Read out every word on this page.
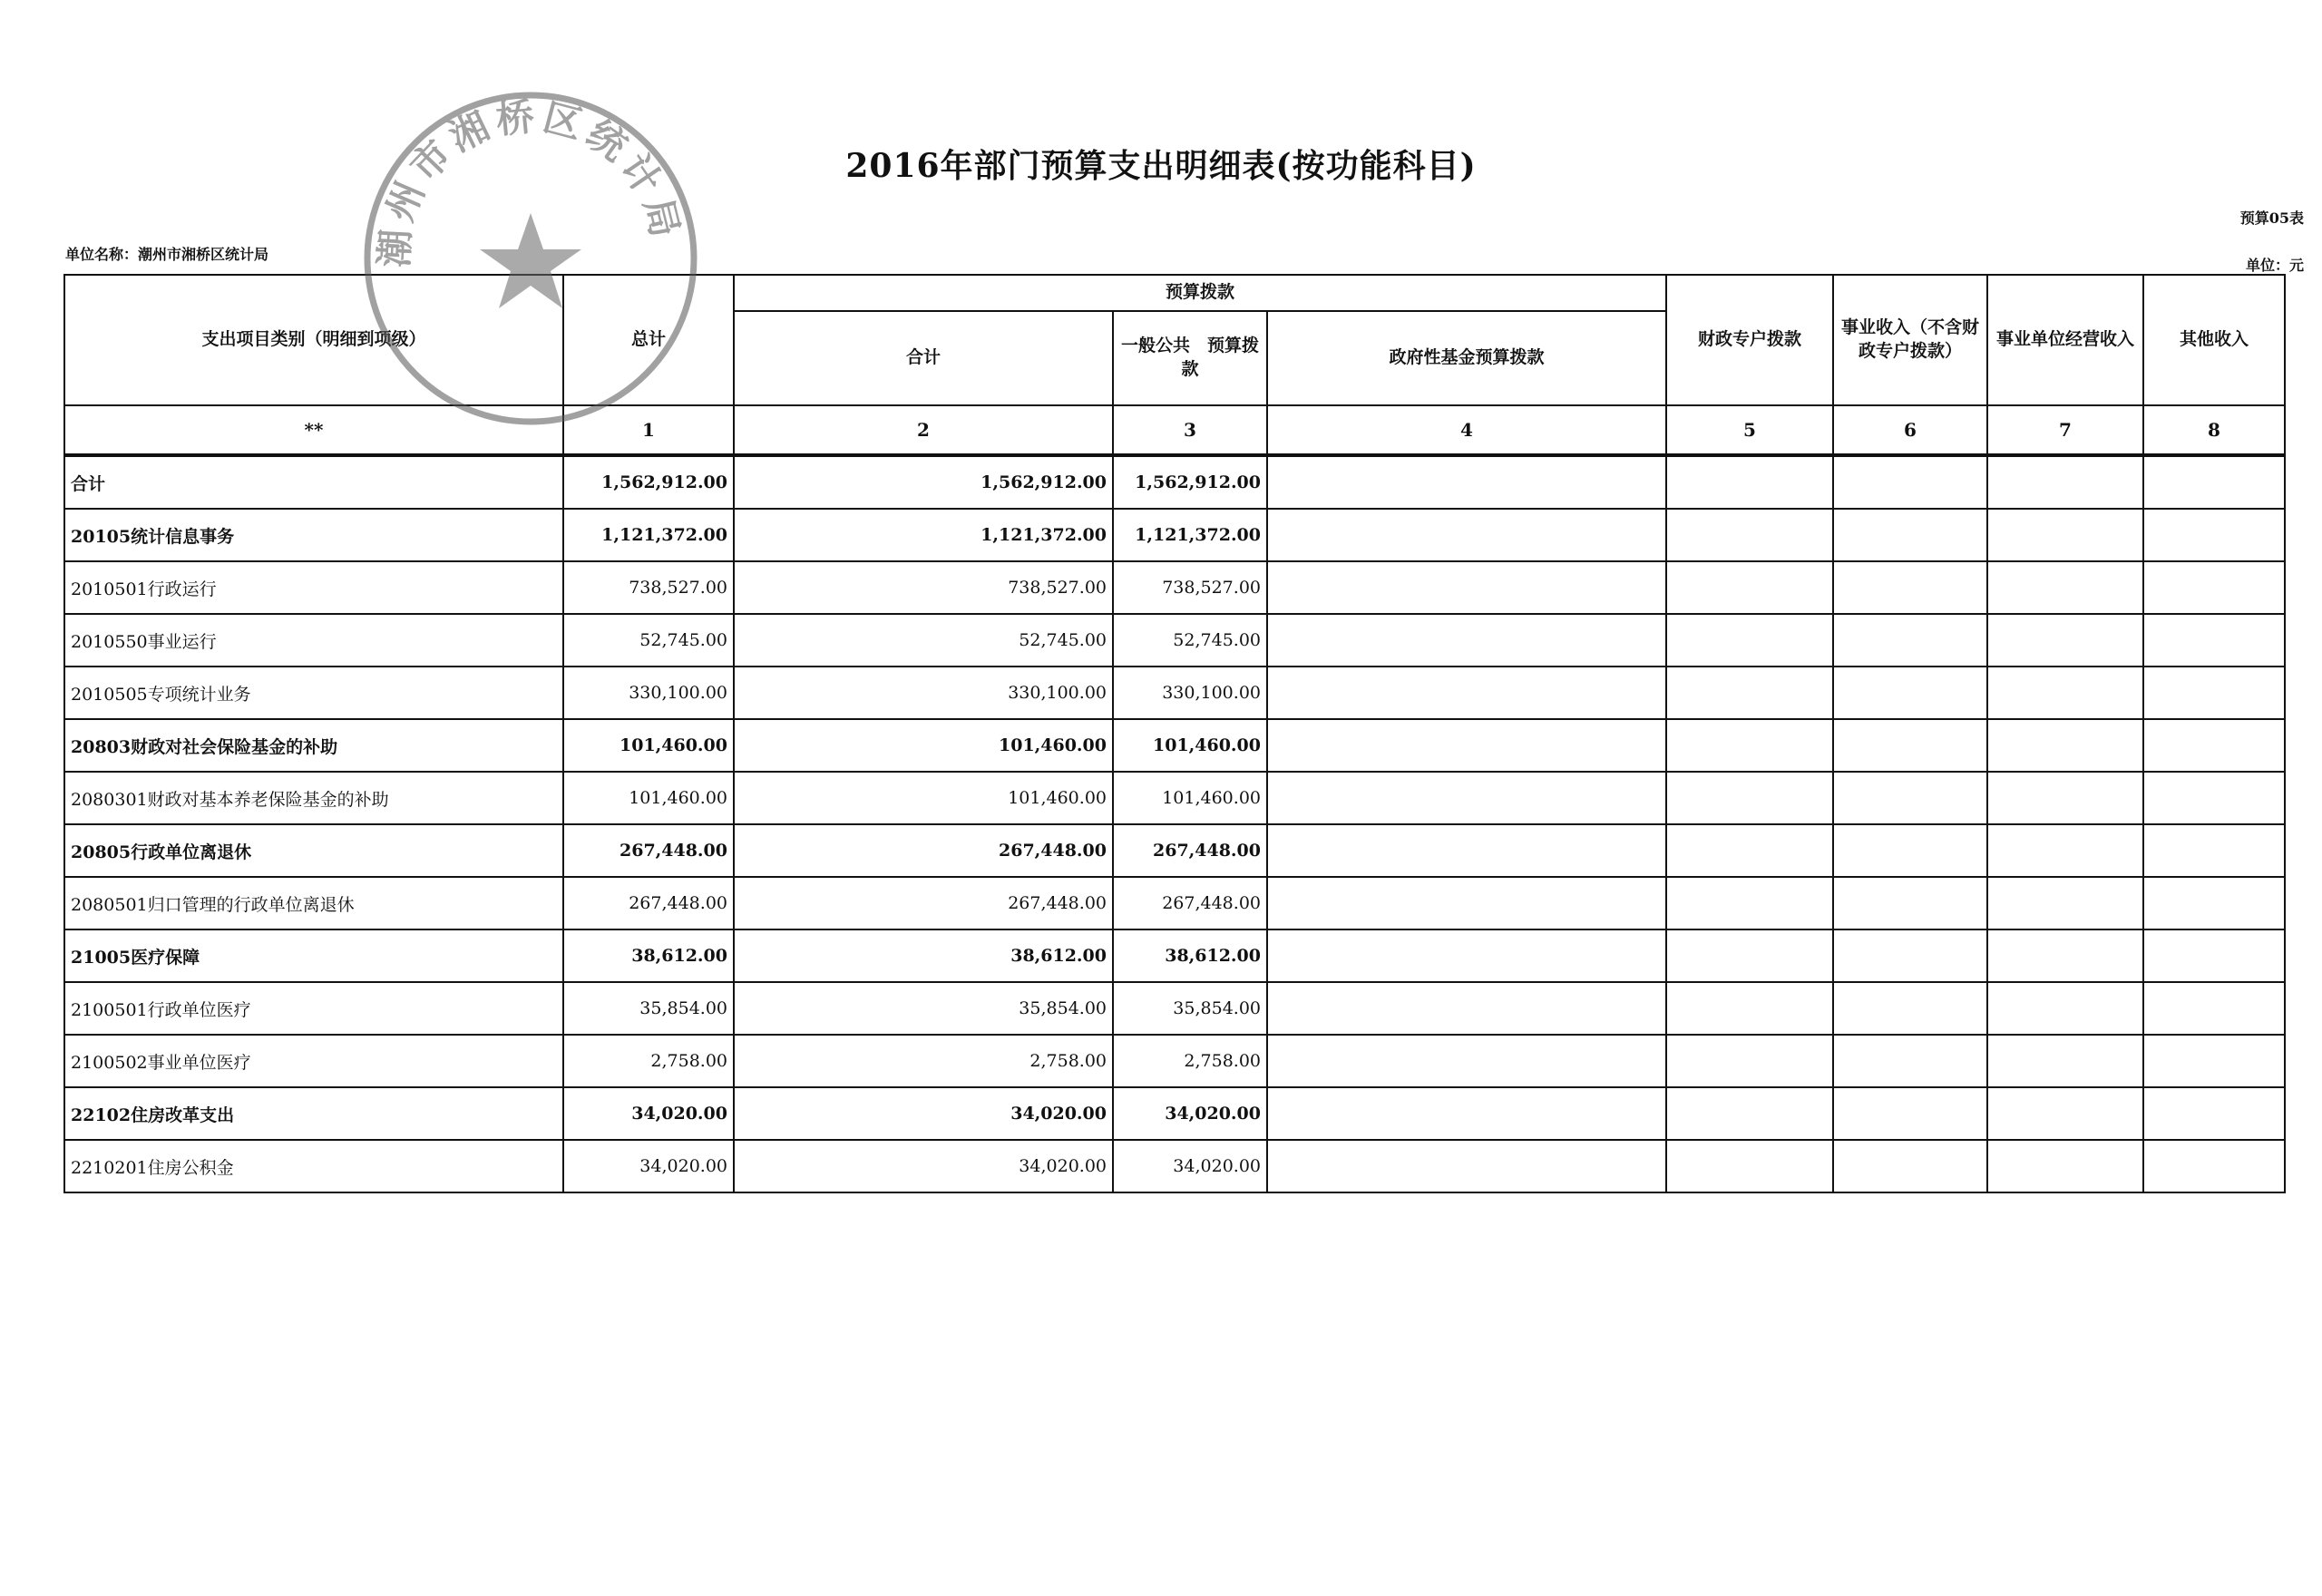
2016年部门预算支出明细表(按功能科目)
预算05表
单位名称：潮州市湘桥区统计局
单位：元
支出项目类别（明细到项级）	总计	预算拨款			财政专户拨款	事业收入（不含财政专户拨款）	事业单位经营收入	其他收入
		合计	一般公共　预算拨款	政府性基金预算拨款				
**	1	2	3	4	5	6	7	8
合计	1,562,912.00	1,562,912.00	1,562,912.00					
20105统计信息事务	1,121,372.00	1,121,372.00	1,121,372.00					
2010501行政运行	738,527.00	738,527.00	738,527.00					
2010550事业运行	52,745.00	52,745.00	52,745.00					
2010505专项统计业务	330,100.00	330,100.00	330,100.00					
20803财政对社会保险基金的补助	101,460.00	101,460.00	101,460.00					
2080301财政对基本养老保险基金的补助	101,460.00	101,460.00	101,460.00					
20805行政单位离退休	267,448.00	267,448.00	267,448.00					
2080501归口管理的行政单位离退休	267,448.00	267,448.00	267,448.00					
21005医疗保障	38,612.00	38,612.00	38,612.00					
2100501行政单位医疗	35,854.00	35,854.00	35,854.00					
2100502事业单位医疗	2,758.00	2,758.00	2,758.00					
22102住房改革支出	34,020.00	34,020.00	34,020.00					
2210201住房公积金	34,020.00	34,020.00	34,020.00					
潮州市湘桥区统计局
